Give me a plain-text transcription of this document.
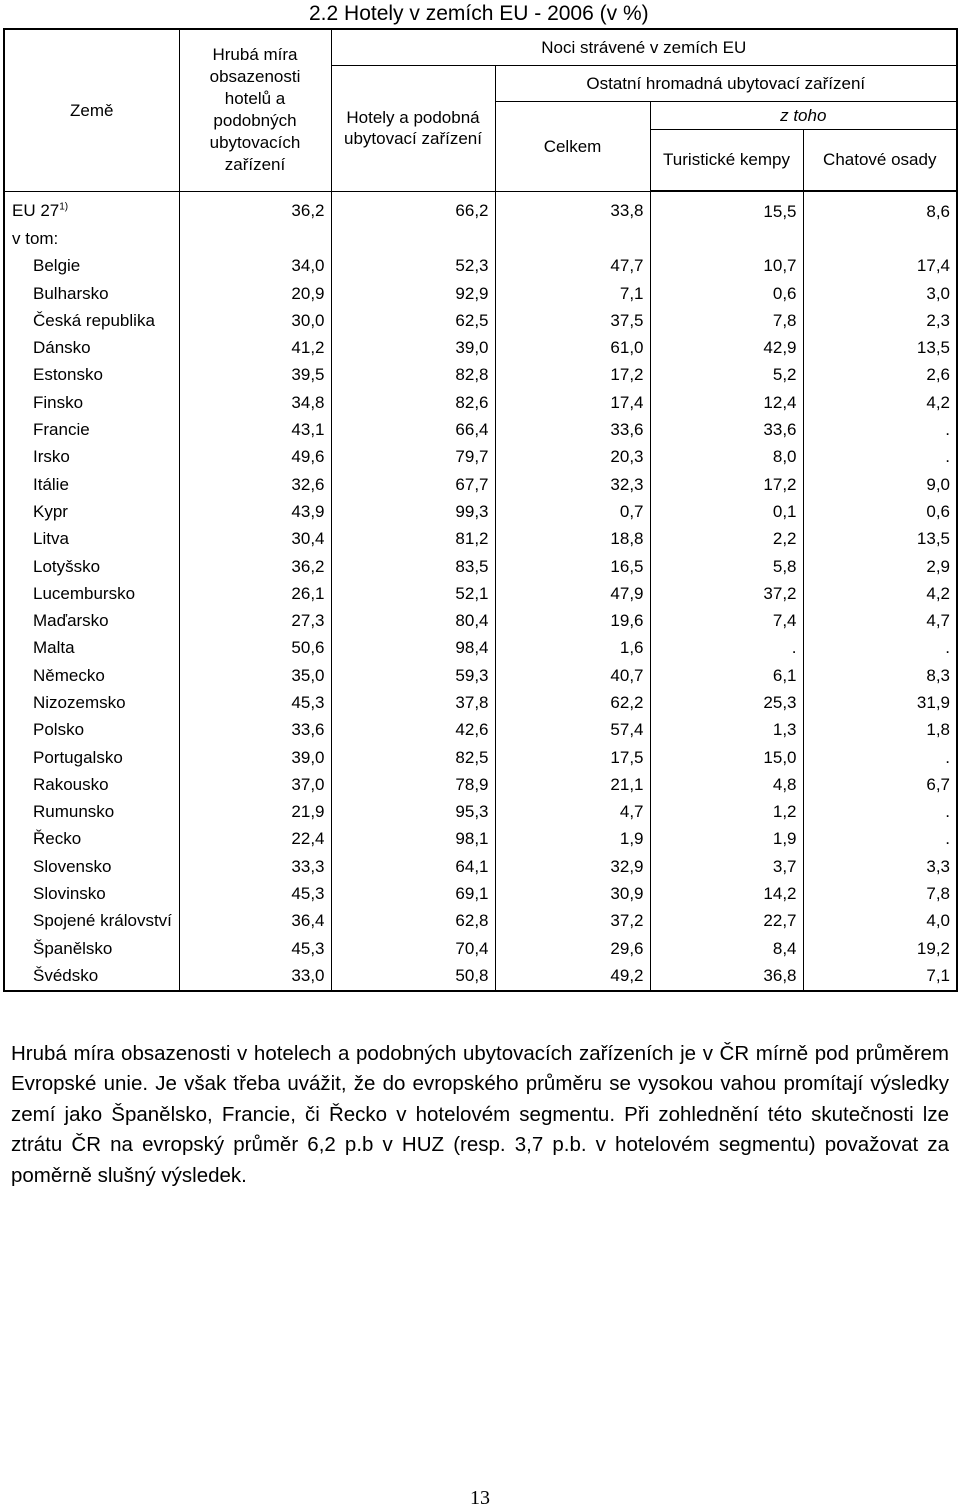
2.2 Hotely v zemích EU - 2006 (v %)
Země	Hrubá míra obsazenosti hotelů a podobných ubytovacích zařízení	Noci strávené v zemích EU			
		Hotely a podobná ubytovací zařízení	Ostatní hromadná ubytovací zařízení		
			Celkem	z toho	
				Turistické kempy	Chatové osady
EU 27$^{1)}$	36,2	66,2	33,8	15,5	8,6
v tom:					
Belgie	34,0	52,3	47,7	10,7	17,4
Bulharsko	20,9	92,9	7,1	0,6	3,0
Česká republika	30,0	62,5	37,5	7,8	2,3
Dánsko	41,2	39,0	61,0	42,9	13,5
Estonsko	39,5	82,8	17,2	5,2	2,6
Finsko	34,8	82,6	17,4	12,4	4,2
Francie	43,1	66,4	33,6	33,6	.
Irsko	49,6	79,7	20,3	8,0	.
Itálie	32,6	67,7	32,3	17,2	9,0
Kypr	43,9	99,3	0,7	0,1	0,6
Litva	30,4	81,2	18,8	2,2	13,5
Lotyšsko	36,2	83,5	16,5	5,8	2,9
Lucembursko	26,1	52,1	47,9	37,2	4,2
Maďarsko	27,3	80,4	19,6	7,4	4,7
Malta	50,6	98,4	1,6	.	.
Německo	35,0	59,3	40,7	6,1	8,3
Nizozemsko	45,3	37,8	62,2	25,3	31,9
Polsko	33,6	42,6	57,4	1,3	1,8
Portugalsko	39,0	82,5	17,5	15,0	.
Rakousko	37,0	78,9	21,1	4,8	6,7
Rumunsko	21,9	95,3	4,7	1,2	.
Řecko	22,4	98,1	1,9	1,9	.
Slovensko	33,3	64,1	32,9	3,7	3,3
Slovinsko	45,3	69,1	30,9	14,2	7,8
Spojené království	36,4	62,8	37,2	22,7	4,0
Španělsko	45,3	70,4	29,6	8,4	19,2
Švédsko	33,0	50,8	49,2	36,8	7,1

Hrubá míra obsazenosti v hotelech a podobných ubytovacích zařízeních je v ČR mírně pod průměrem Evropské unie. Je však třeba uvážit, že do evropského průměru se vysokou vahou promítají výsledky zemí jako Španělsko, Francie, či Řecko v hotelovém segmentu. Při zohlednění této skutečnosti lze ztrátu ČR na evropský průměr 6,2 p.b v HUZ (resp. 3,7 p.b. v hotelovém segmentu) považovat za poměrně slušný výsledek.

13
